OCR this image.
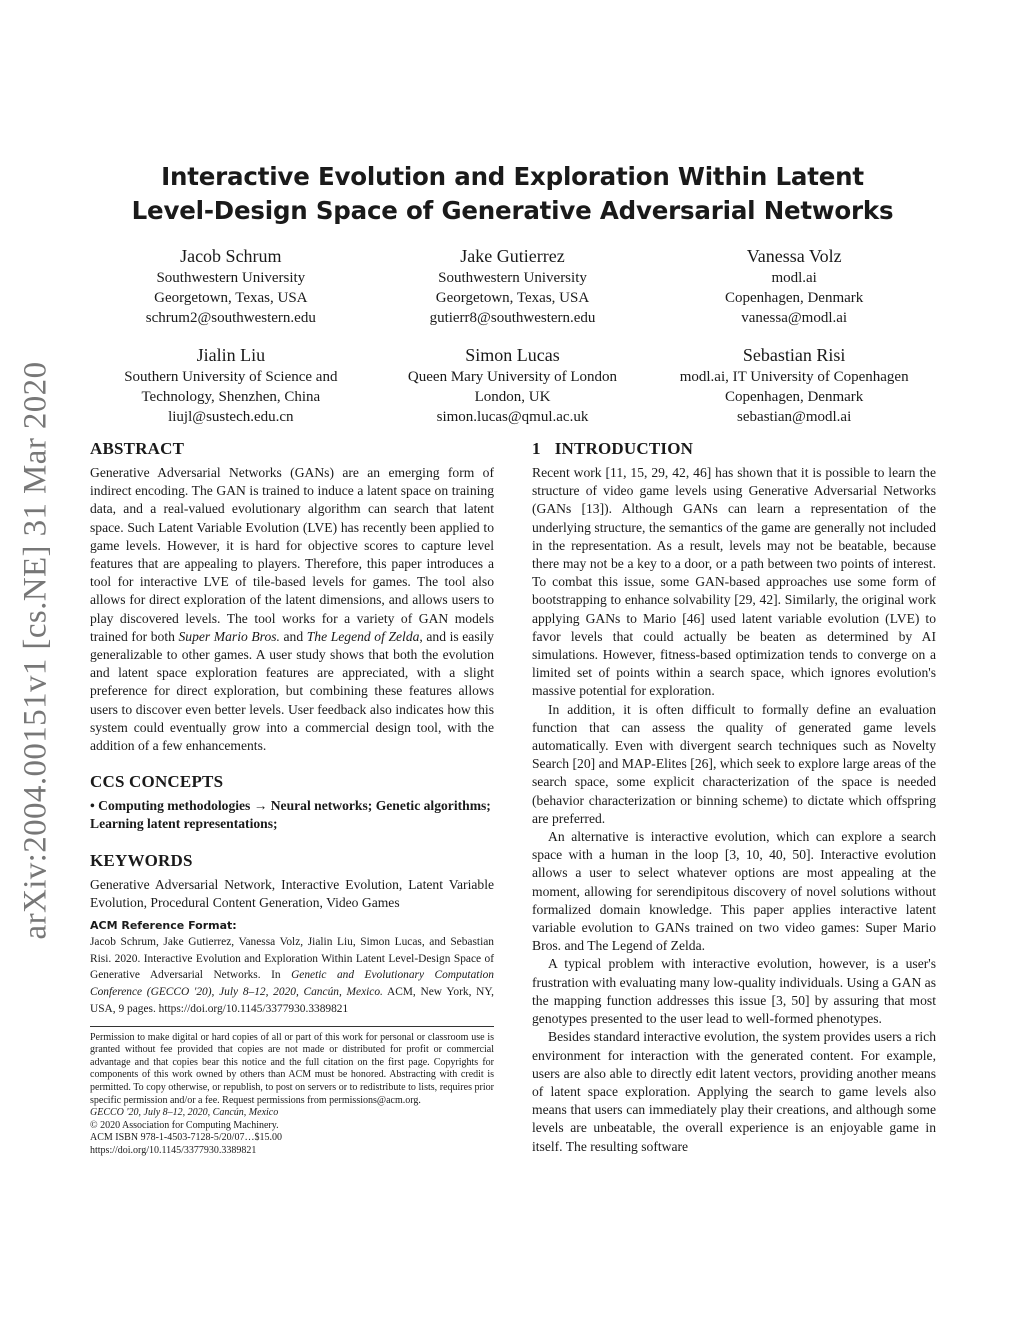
arXiv:2004.00151v1 [cs.NE] 31 Mar 2020
Interactive Evolution and Exploration Within Latent
Level-Design Space of Generative Adversarial Networks
Jacob Schrum
Southwestern University
Georgetown, Texas, USA
schrum2@southwestern.edu
Jake Gutierrez
Southwestern University
Georgetown, Texas, USA
gutierr8@southwestern.edu
Vanessa Volz
modl.ai
Copenhagen, Denmark
vanessa@modl.ai
Jialin Liu
Southern University of Science and
Technology, Shenzhen, China
liujl@sustech.edu.cn
Simon Lucas
Queen Mary University of London
London, UK
simon.lucas@qmul.ac.uk
Sebastian Risi
modl.ai, IT University of Copenhagen
Copenhagen, Denmark
sebastian@modl.ai
ABSTRACT

Generative Adversarial Networks (GANs) are an emerging form of indirect encoding. The GAN is trained to induce a latent space on training data, and a real-valued evolutionary algorithm can search that latent space. Such Latent Variable Evolution (LVE) has recently been applied to game levels. However, it is hard for objective scores to capture level features that are appealing to players. Therefore, this paper introduces a tool for interactive LVE of tile-based levels for games. The tool also allows for direct exploration of the latent dimensions, and allows users to play discovered levels. The tool works for a variety of GAN models trained for both Super Mario Bros. and The Legend of Zelda, and is easily generalizable to other games. A user study shows that both the evolution and latent space exploration features are appreciated, with a slight preference for direct exploration, but combining these features allows users to discover even better levels. User feedback also indicates how this system could eventually grow into a commercial design tool, with the addition of a few enhancements.

CCS CONCEPTS

• Computing methodologies → Neural networks; Genetic algorithms; Learning latent representations;

KEYWORDS

Generative Adversarial Network, Interactive Evolution, Latent Variable Evolution, Procedural Content Generation, Video Games

ACM Reference Format:

Jacob Schrum, Jake Gutierrez, Vanessa Volz, Jialin Liu, Simon Lucas, and Sebastian Risi. 2020. Interactive Evolution and Exploration Within Latent Level-Design Space of Generative Adversarial Networks. In Genetic and Evolutionary Computation Conference (GECCO '20), July 8–12, 2020, Cancún, Mexico. ACM, New York, NY, USA, 9 pages. https://doi.org/10.1145/3377930.3389821

Permission to make digital or hard copies of all or part of this work for personal or classroom use is granted without fee provided that copies are not made or distributed for profit or commercial advantage and that copies bear this notice and the full citation on the first page. Copyrights for components of this work owned by others than ACM must be honored. Abstracting with credit is permitted. To copy otherwise, or republish, to post on servers or to redistribute to lists, requires prior specific permission and/or a fee. Request permissions from permissions@acm.org.

GECCO '20, July 8–12, 2020, Cancún, Mexico
© 2020 Association for Computing Machinery.
ACM ISBN 978-1-4503-7128-5/20/07…$15.00
https://doi.org/10.1145/3377930.3389821
1 INTRODUCTION

Recent work [11, 15, 29, 42, 46] has shown that it is possible to learn the structure of video game levels using Generative Adversarial Networks (GANs [13]). Although GANs can learn a representation of the underlying structure, the semantics of the game are generally not included in the representation. As a result, levels may not be beatable, because there may not be a key to a door, or a path between two points of interest. To combat this issue, some GAN-based approaches use some form of bootstrapping to enhance solvability [29, 42]. Similarly, the original work applying GANs to Mario [46] used latent variable evolution (LVE) to favor levels that could actually be beaten as determined by AI simulations. However, fitness-based optimization tends to converge on a limited set of points within a search space, which ignores evolution's massive potential for exploration.

In addition, it is often difficult to formally define an evaluation function that can assess the quality of generated game levels automatically. Even with divergent search techniques such as Novelty Search [20] and MAP-Elites [26], which seek to explore large areas of the search space, some explicit characterization of the space is needed (behavior characterization or binning scheme) to dictate which offspring are preferred.

An alternative is interactive evolution, which can explore a search space with a human in the loop [3, 10, 40, 50]. Interactive evolution allows a user to select whatever options are most appealing at the moment, allowing for serendipitous discovery of novel solutions without formalized domain knowledge. This paper applies interactive latent variable evolution to GANs trained on two video games: Super Mario Bros. and The Legend of Zelda.

A typical problem with interactive evolution, however, is a user's frustration with evaluating many low-quality individuals. Using a GAN as the mapping function addresses this issue [3, 50] by assuring that most genotypes presented to the user lead to well-formed phenotypes.

Besides standard interactive evolution, the system provides users a rich environment for interaction with the generated content. For example, users are also able to directly edit latent vectors, providing another means of latent space exploration. Applying the search to game levels also means that users can immediately play their creations, and although some levels are unbeatable, the overall experience is an enjoyable game in itself. The resulting software
